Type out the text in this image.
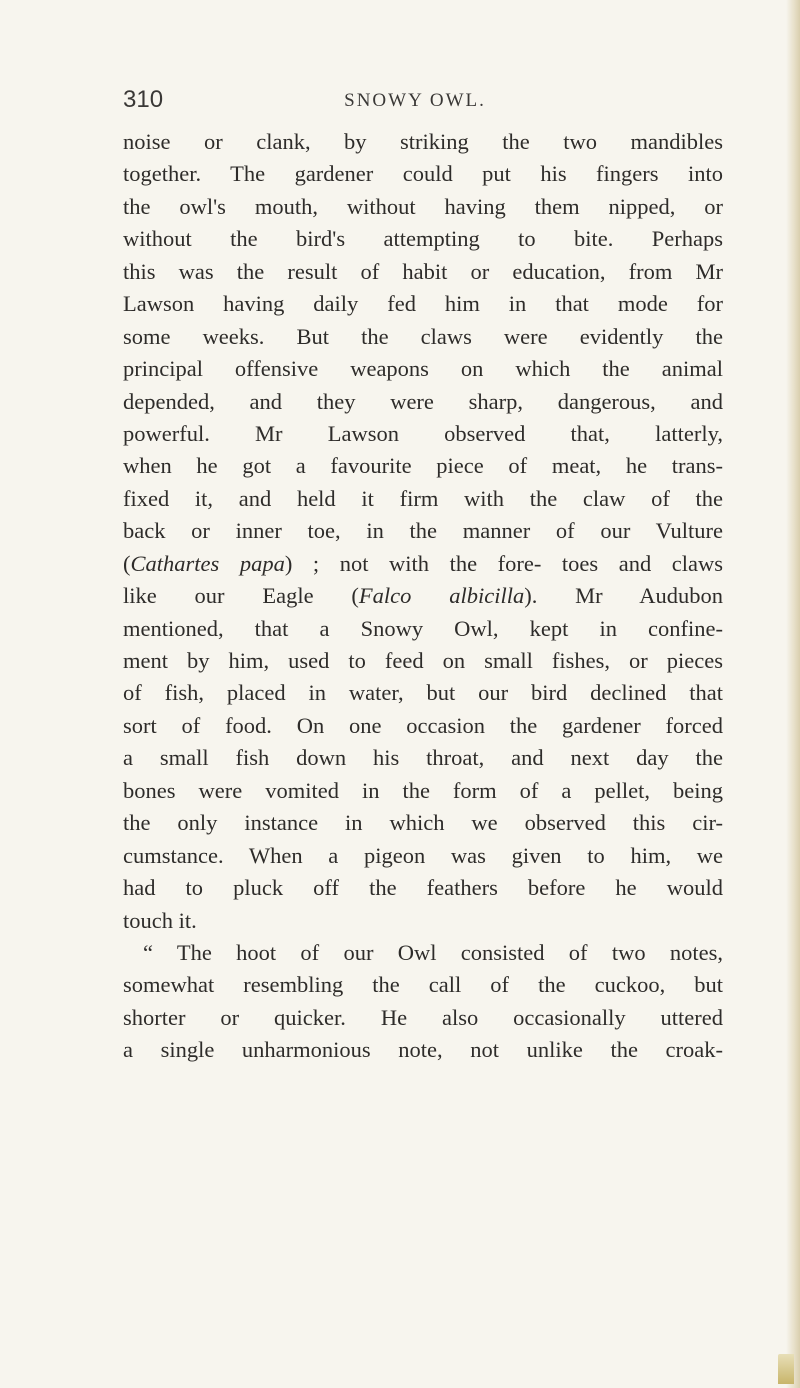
310	SNOWY OWL.
noise or clank, by striking the two mandibles
together. The gardener could put his fingers into
the owl's mouth, without having them nipped, or
without the bird's attempting to bite. Perhaps
this was the result of habit or education, from Mr
Lawson having daily fed him in that mode for
some weeks. But the claws were evidently the
principal offensive weapons on which the animal
depended, and they were sharp, dangerous, and
powerful. Mr Lawson observed that, latterly,
when he got a favourite piece of meat, he trans-
fixed it, and held it firm with the claw of the
back or inner toe, in the manner of our Vulture
(Cathartes papa) ; not with the fore- toes and claws
like our Eagle (Falco albicilla). Mr Audubon
mentioned, that a Snowy Owl, kept in confine-
ment by him, used to feed on small fishes, or pieces
of fish, placed in water, but our bird declined that
sort of food. On one occasion the gardener forced
a small fish down his throat, and next day the
bones were vomited in the form of a pellet, being
the only instance in which we observed this cir-
cumstance. When a pigeon was given to him, we
had to pluck off the feathers before he would
touch it.
“ The hoot of our Owl consisted of two notes,
somewhat resembling the call of the cuckoo, but
shorter or quicker. He also occasionally uttered
a single unharmonious note, not unlike the croak-
